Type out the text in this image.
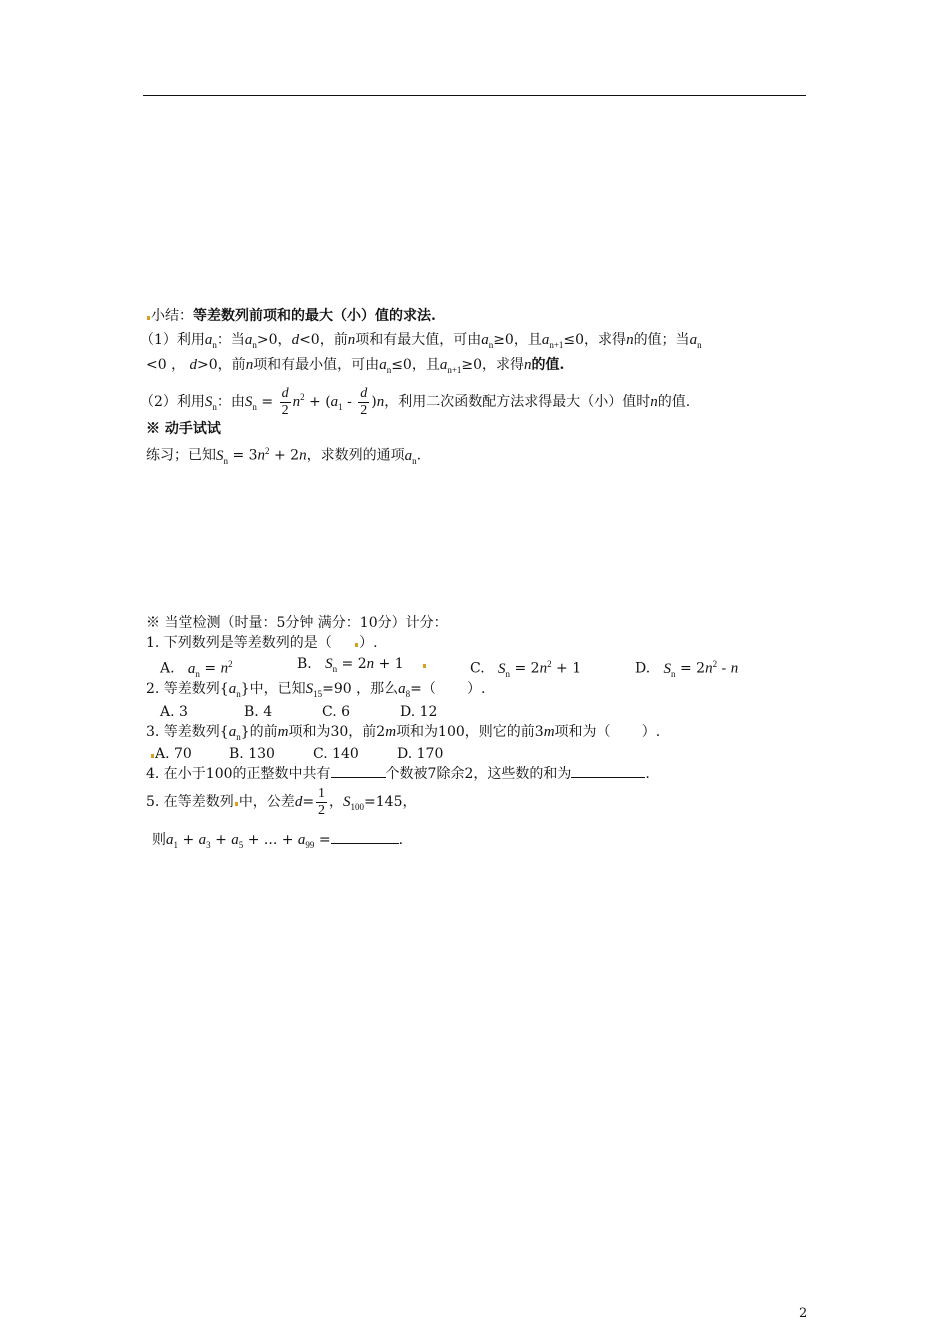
小结：等差数列前项和的最大（小）值的求法.
（1）利用$a_n$：当$a_n>0$，d<0，前n项和有最大值，可由$a_n\ge 0$，且$a_{n+1}\le 0$，求得n的值；当$a_n$
<0 ， d>0，前n项和有最小值，可由$a_n\le 0$，且$a_{n+1}\ge 0$，求得n的值.
（2）利用$S_n$：由$S_n = \frac{d}{2} n^2 + (a_1 - \frac{d}{2} )n$，利用二次函数配方法求得最大（小）值时n的值.
※ 动手试试
练习；已知$S_n = 3n^2 + 2n$，求数列的通项$a_n$.
※ 当堂检测（时量：5分钟 满分：10分）计分：
1. 下列数列是等差数列的是（ ）.
A. $a_n = n^2$	B. $S_n = 2n + 1$	C. $S_n = 2n^2 + 1$	D. $S_n = 2n^2 - n$
2. 等差数列$\{a_n\}$中，已知$S_{15}=90$ ，那么$a_8=$（ ）.
A. 3	B. 4	C. 6	D. 12
3. 等差数列$\{a_n\}$的前m项和为30，前2m项和为100，则它的前3m项和为（ ）.
A. 70	B. 130	C. 140	D. 170
4. 在小于100的正整数中共有	个数被7除余2，这些数的和为	.
5. 在等差数列 中，公差$d= \frac{1}{2}$ ，$S_{100}=145$，
则$a_1 + a_3 + a_5$ + ... + $a_{99}$ =	.
2
